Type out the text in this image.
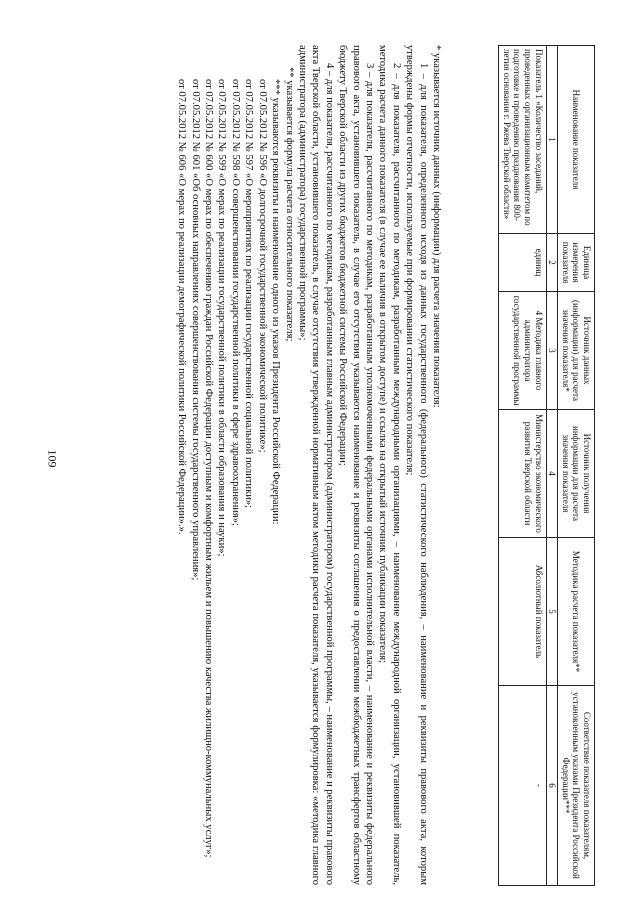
109
Наименование показателя	Единица измерения показателя	Источник данных (информации) для расчета значения показателя*	Источник получения информации для расчета значения показателя	Методика расчета показателя**	Соответствие показателя показателям, установленным указами Президента Российской Федерации***
1	2	3	4	5	6
Показатель 1 «Количество заседаний, проведенных организационным комитетом по подготовке и проведению празднования 800-летия основания г. Ржева Тверской области»	единиц	4 Методика главного администратора государственной программы	Министерство экономического развития Тверской области	Абсолютный показатель	-

* указывается источник данных (информации) для расчета значения показателя:

1 – для показателя, определенного исходя из данных государственного (федерального) статистического наблюдения, – наименование и реквизиты правового акта, которым утверждены формы отчетности, используемые при формировании статистического показателя;

2 – для показателя, рассчитанного по методикам, разработанным международными организациями, – наименование международной организации, установившей показатель, методика расчета данного показателя (в случае ее наличия в открытом доступе) и ссылка на открытый источник публикации показателя;

3 – для показателя, рассчитанного по методикам, разработанным уполномоченными федеральными органами исполнительной власти, – наименование и реквизиты федерального правового акта, установившего показатель, в случае его отсутствия указываются наименование и реквизиты соглашения о предоставлении межбюджетных трансфертов областному бюджету Тверской области из других бюджетов бюджетной системы Российской Федерации;

4 – для показателя, рассчитанного по методикам, разработанным главным администратором (администратором) государственной программы, – наименование и реквизиты правового акта Тверской области, установившего показатель, в случае отсутствия утвержденной нормативным актом методики расчета показателя, указывается формулировка: «методика главного администратора (администратора) государственной программы»;

** указывается формула расчета относительного показателя;

*** указываются реквизиты и наименование одного из указов Президента Российской Федерации:

от 07.05.2012 № 596 «О долгосрочной государственной экономической политике»;

от 07.05.2012 № 597 «О мероприятиях по реализации государственной социальной политики»;

от 07.05.2012 № 598 «О совершенствовании государственной политики в сфере здравоохранения»;

от 07.05.2012 № 599 «О мерах по реализации государственной политики в области образования и науки»;

от 07.05.2012 № 600 «О мерах по обеспечению граждан Российской Федерации доступным и комфортным жильем и повышению качества жилищно-коммунальных услуг»;

от 07.05.2012 № 601 «Об основных направлениях совершенствования системы государственного управления»;

от 07.05.2012 № 606 «О мерах по реализации демографической политики Российской Федерации».».
